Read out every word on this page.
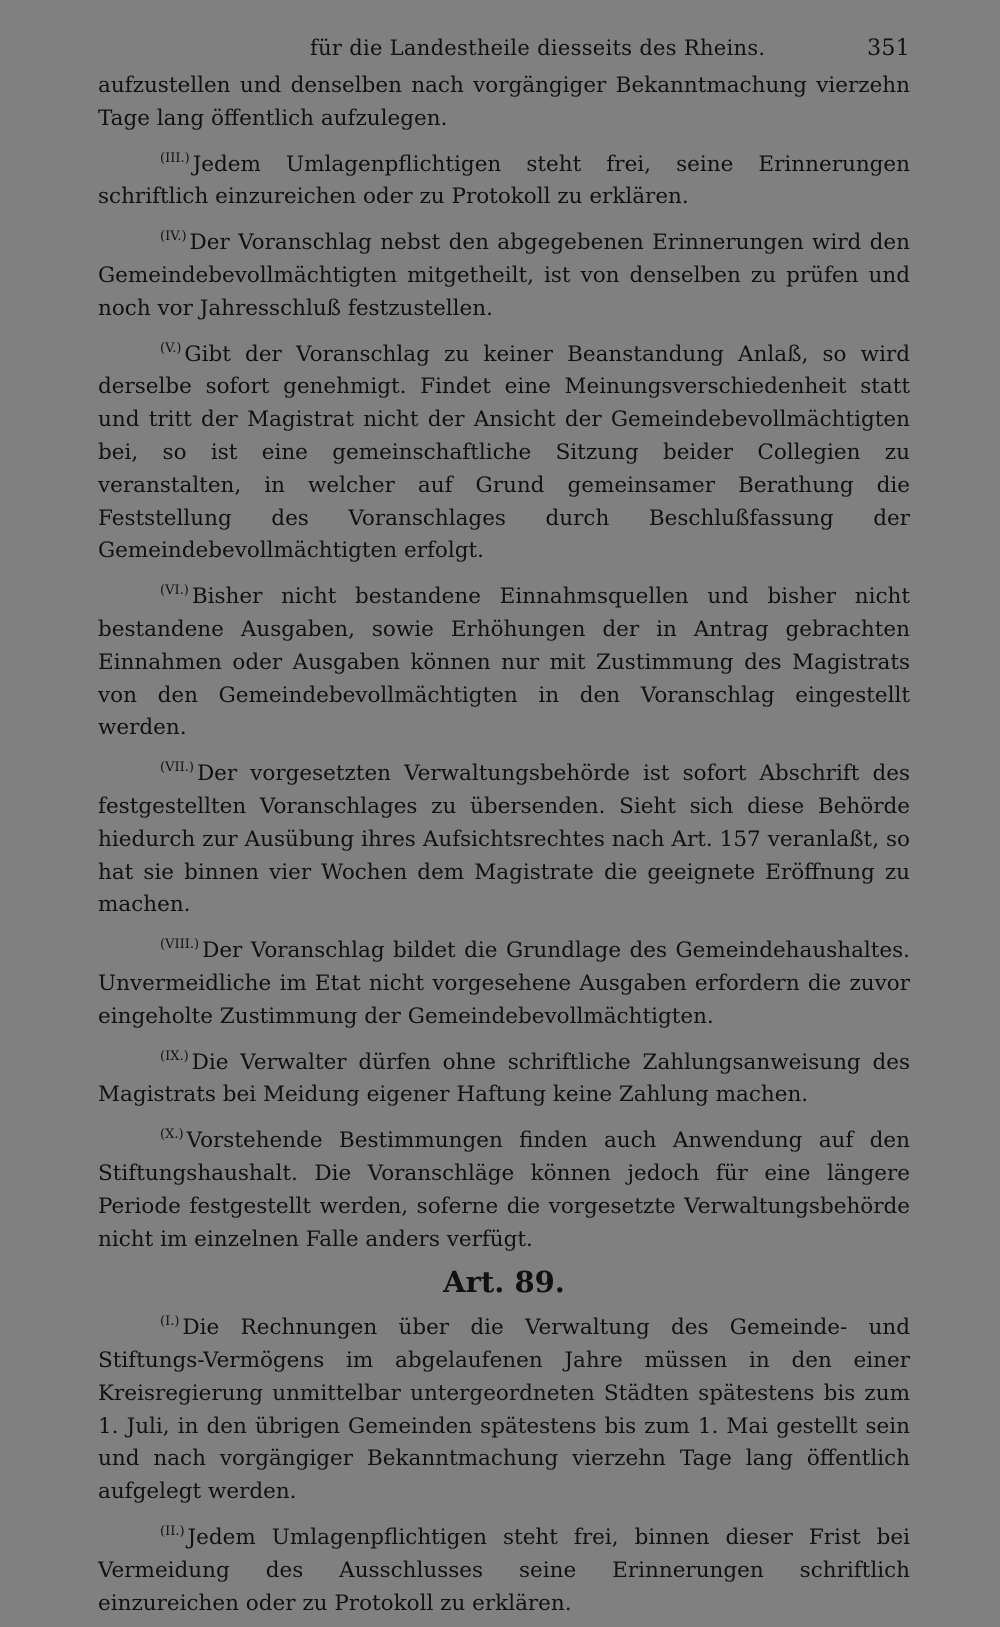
für die Landestheile diesseits des Rheins.	351

aufzustellen und denselben nach vorgängiger Bekanntmachung vierzehn Tage lang öffentlich aufzulegen.

$^{(III.)}$ Jedem Umlagenpflichtigen steht frei, seine Erinnerungen schriftlich einzureichen oder zu Protokoll zu erklären.

$^{(IV.)}$ Der Voranschlag nebst den abgegebenen Erinnerungen wird den Gemeindebevollmächtigten mitgetheilt, ist von denselben zu prüfen und noch vor Jahresschluß festzustellen.

$^{(V.)}$ Gibt der Voranschlag zu keiner Beanstandung Anlaß, so wird derselbe sofort genehmigt. Findet eine Meinungsverschiedenheit statt und tritt der Magistrat nicht der Ansicht der Gemeindebevollmächtigten bei, so ist eine gemeinschaftliche Sitzung beider Collegien zu veranstalten, in welcher auf Grund gemeinsamer Berathung die Feststellung des Voranschlages durch Beschlußfassung der Gemeindebevollmächtigten erfolgt.

$^{(VI.)}$ Bisher nicht bestandene Einnahmsquellen und bisher nicht bestandene Ausgaben, sowie Erhöhungen der in Antrag gebrachten Einnahmen oder Ausgaben können nur mit Zustimmung des Magistrats von den Gemeindebevollmächtigten in den Voranschlag eingestellt werden.

$^{(VII.)}$ Der vorgesetzten Verwaltungsbehörde ist sofort Abschrift des festgestellten Voranschlages zu übersenden. Sieht sich diese Behörde hiedurch zur Ausübung ihres Aufsichtsrechtes nach Art. 157 veranlaßt, so hat sie binnen vier Wochen dem Magistrate die geeignete Eröffnung zu machen.

$^{(VIII.)}$ Der Voranschlag bildet die Grundlage des Gemeindehaushaltes. Unvermeidliche im Etat nicht vorgesehene Ausgaben erfordern die zuvor eingeholte Zustimmung der Gemeindebevollmächtigten.

$^{(IX.)}$ Die Verwalter dürfen ohne schriftliche Zahlungsanweisung des Magistrats bei Meidung eigener Haftung keine Zahlung machen.

$^{(X.)}$ Vorstehende Bestimmungen finden auch Anwendung auf den Stiftungshaushalt. Die Voranschläge können jedoch für eine längere Periode festgestellt werden, soferne die vorgesetzte Verwaltungsbehörde nicht im einzelnen Falle anders verfügt.

Art. 89.

$^{(I.)}$ Die Rechnungen über die Verwaltung des Gemeinde- und Stiftungs-Vermögens im abgelaufenen Jahre müssen in den einer Kreisregierung unmittelbar untergeordneten Städten spätestens bis zum 1. Juli, in den übrigen Gemeinden spätestens bis zum 1. Mai gestellt sein und nach vorgängiger Bekanntmachung vierzehn Tage lang öffentlich aufgelegt werden.

$^{(II.)}$ Jedem Umlagenpflichtigen steht frei, binnen dieser Frist bei Vermeidung des Ausschlusses seine Erinnerungen schriftlich einzureichen oder zu Protokoll zu erklären.
